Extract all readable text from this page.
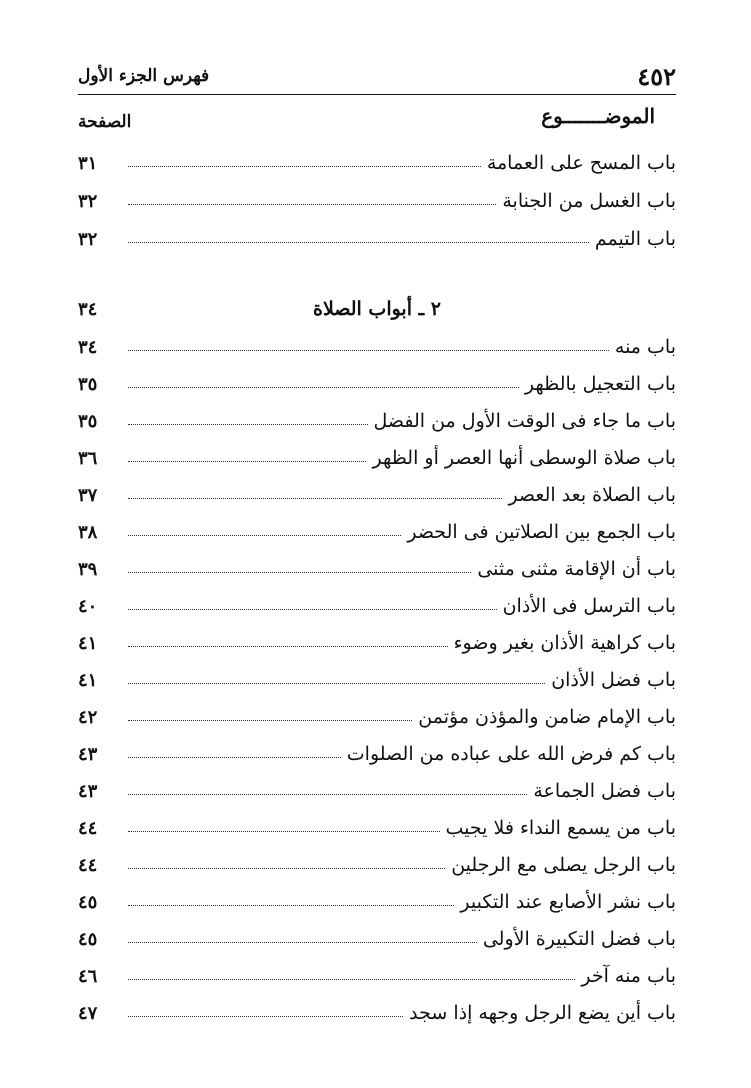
٤٥٢
فهرس الجزء الأول
الموضـــــــوع
الصفحة
٣١	باب المسح على العمامة
٣٢	باب الغسل من الجنابة
٣٢	باب التيمم
٣٤	٢ ـ أبواب الصلاة
٣٤	باب منه
٣٥	باب التعجيل بالظهر
٣٥	باب ما جاء فى الوقت الأول من الفضل
٣٦	باب صلاة الوسطى أنها العصر أو الظهر
٣٧	باب الصلاة بعد العصر
٣٨	باب الجمع بين الصلاتين فى الحضر
٣٩	باب أن الإقامة مثنى مثنى
٤٠	باب الترسل فى الأذان
٤١	باب كراهية الأذان بغير وضوء
٤١	باب فضل الأذان
٤٢	باب الإمام ضامن والمؤذن مؤتمن
٤٣	باب كم فرض الله على عباده من الصلوات
٤٣	باب فضل الجماعة
٤٤	باب من يسمع النداء فلا يجيب
٤٤	باب الرجل يصلى مع الرجلين
٤٥	باب نشر الأصابع عند التكبير
٤٥	باب فضل التكبيرة الأولى
٤٦	باب منه آخر
٤٧	باب أين يضع الرجل وجهه إذا سجد
